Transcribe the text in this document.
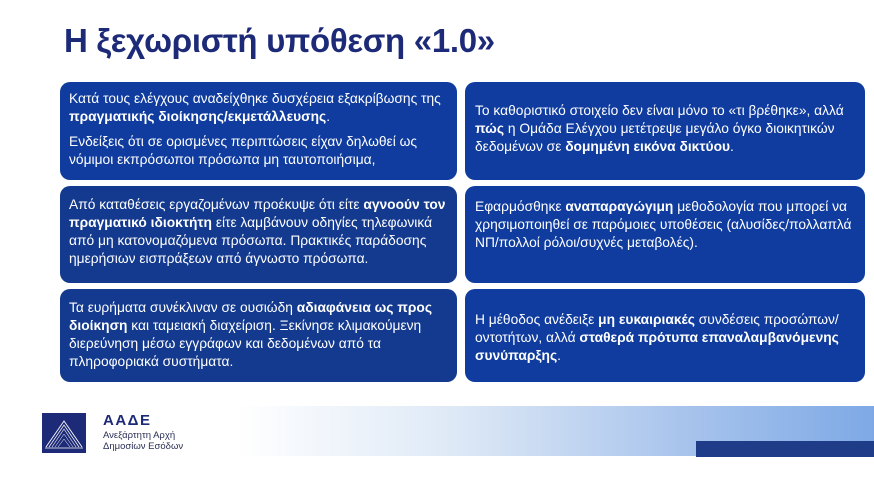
Η ξεχωριστή υπόθεση «1.0»

Κατά τους ελέγχους αναδείχθηκε δυσχέρεια εξακρίβωσης της πραγματικής διοίκησης/εκμετάλλευσης.

Ενδείξεις ότι σε ορισμένες περιπτώσεις είχαν δηλωθεί ως νόμιμοι εκπρόσωποι πρόσωπα μη ταυτοποιήσιμα,

Από καταθέσεις εργαζομένων προέκυψε ότι είτε αγνοούν τον πραγματικό ιδιοκτήτη είτε λαμβάνουν οδηγίες τηλεφωνικά από μη κατονομαζόμενα πρόσωπα. Πρακτικές παράδοσης ημερήσιων εισπράξεων από άγνωστο πρόσωπα.

Τα ευρήματα συνέκλιναν σε ουσιώδη αδιαφάνεια ως προς διοίκηση και ταμειακή διαχείριση. Ξεκίνησε κλιμακούμενη διερεύνηση μέσω εγγράφων και δεδομένων από τα πληροφοριακά συστήματα.

Το καθοριστικό στοιχείο δεν είναι μόνο το «τι βρέθηκε», αλλά πώς η Ομάδα Ελέγχου μετέτρεψε μεγάλο όγκο διοικητικών δεδομένων σε δομημένη εικόνα δικτύου.

Εφαρμόσθηκε αναπαραγώγιμη μεθοδολογία που μπορεί να χρησιμοποιηθεί σε παρόμοιες υποθέσεις (αλυσίδες/πολλαπλά ΝΠ/πολλοί ρόλοι/συχνές μεταβολές).

Η μέθοδος ανέδειξε μη ευκαιριακές συνδέσεις προσώπων/οντοτήτων, αλλά σταθερά πρότυπα επαναλαμβανόμενης συνύπαρξης.

ΑΑΔΕ
Ανεξάρτητη Αρχή
Δημοσίων Εσόδων
